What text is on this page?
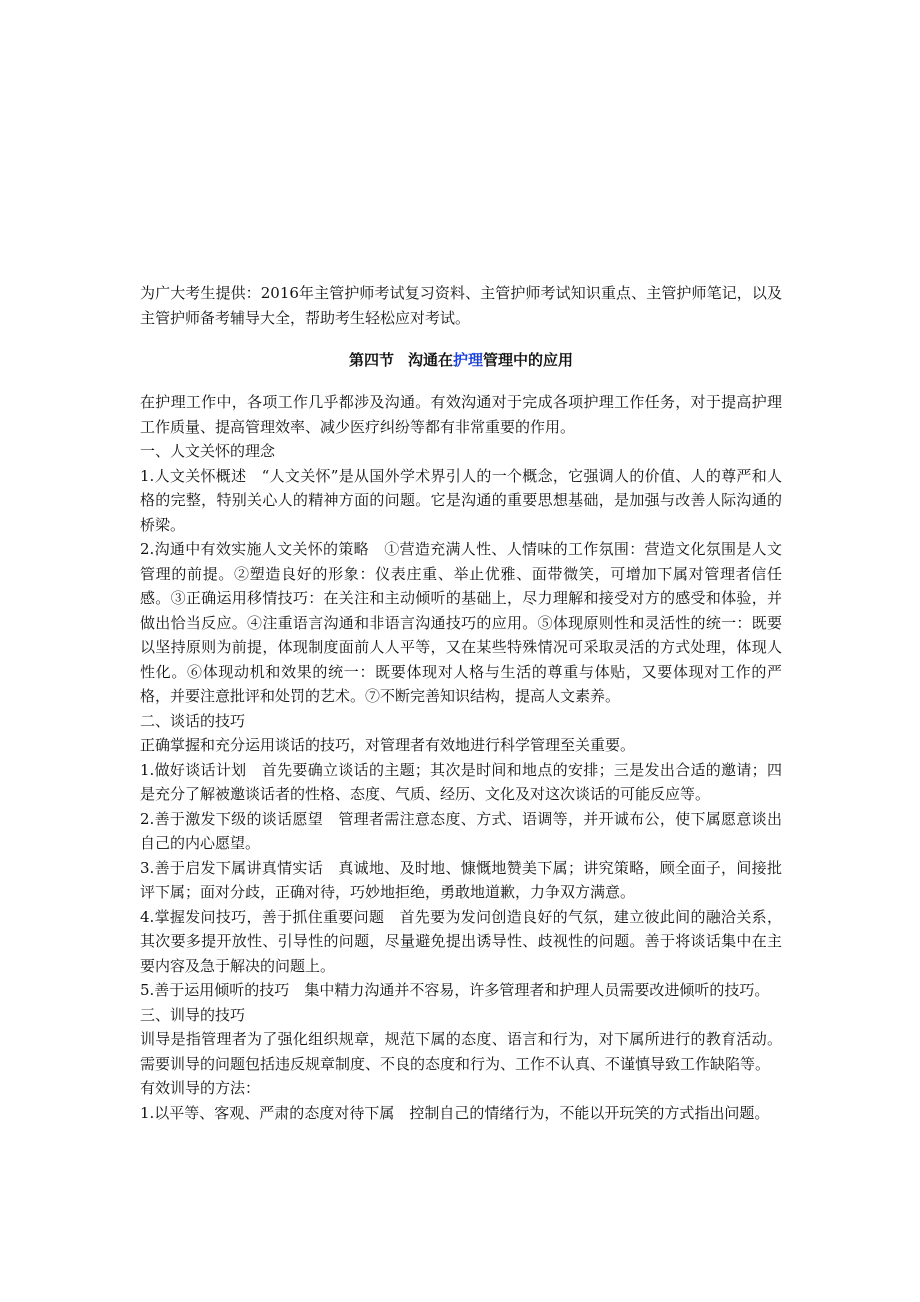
为广大考生提供：2016年主管护师考试复习资料、主管护师考试知识重点、主管护师笔记，以及主管护师备考辅导大全，帮助考生轻松应对考试。

第四节 沟通在护理管理中的应用

在护理工作中，各项工作几乎都涉及沟通。有效沟通对于完成各项护理工作任务，对于提高护理工作质量、提高管理效率、减少医疗纠纷等都有非常重要的作用。

一、人文关怀的理念

1.人文关怀概述　“人文关怀”是从国外学术界引人的一个概念，它强调人的价值、人的尊严和人格的完整，特别关心人的精神方面的问题。它是沟通的重要思想基础，是加强与改善人际沟通的桥梁。

2.沟通中有效实施人文关怀的策略　①营造充满人性、人情味的工作氛围：营造文化氛围是人文管理的前提。②塑造良好的形象：仪表庄重、举止优雅、面带微笑，可增加下属对管理者信任感。③正确运用移情技巧：在关注和主动倾听的基础上，尽力理解和接受对方的感受和体验，并做出恰当反应。④注重语言沟通和非语言沟通技巧的应用。⑤体现原则性和灵活性的统一：既要以坚持原则为前提，体现制度面前人人平等，又在某些特殊情况可采取灵活的方式处理，体现人性化。⑥体现动机和效果的统一：既要体现对人格与生活的尊重与体贴，又要体现对工作的严格，并要注意批评和处罚的艺术。⑦不断完善知识结构，提高人文素养。

二、谈话的技巧

正确掌握和充分运用谈话的技巧，对管理者有效地进行科学管理至关重要。

1.做好谈话计划　首先要确立谈话的主题；其次是时间和地点的安排；三是发出合适的邀请；四是充分了解被邀谈话者的性格、态度、气质、经历、文化及对这次谈话的可能反应等。

2.善于激发下级的谈话愿望　管理者需注意态度、方式、语调等，并开诚布公，使下属愿意谈出自己的内心愿望。

3.善于启发下属讲真情实话　真诚地、及时地、慷慨地赞美下属；讲究策略，顾全面子，间接批评下属；面对分歧，正确对待，巧妙地拒绝，勇敢地道歉，力争双方满意。

4.掌握发问技巧，善于抓住重要问题　首先要为发问创造良好的气氛，建立彼此间的融洽关系，其次要多提开放性、引导性的问题，尽量避免提出诱导性、歧视性的问题。善于将谈话集中在主要内容及急于解决的问题上。

5.善于运用倾听的技巧　集中精力沟通并不容易，许多管理者和护理人员需要改进倾听的技巧。

三、训导的技巧

训导是指管理者为了强化组织规章，规范下属的态度、语言和行为，对下属所进行的教育活动。需要训导的问题包括违反规章制度、不良的态度和行为、工作不认真、不谨慎导致工作缺陷等。

有效训导的方法：

1.以平等、客观、严肃的态度对待下属　控制自己的情绪行为，不能以开玩笑的方式指出问题。
